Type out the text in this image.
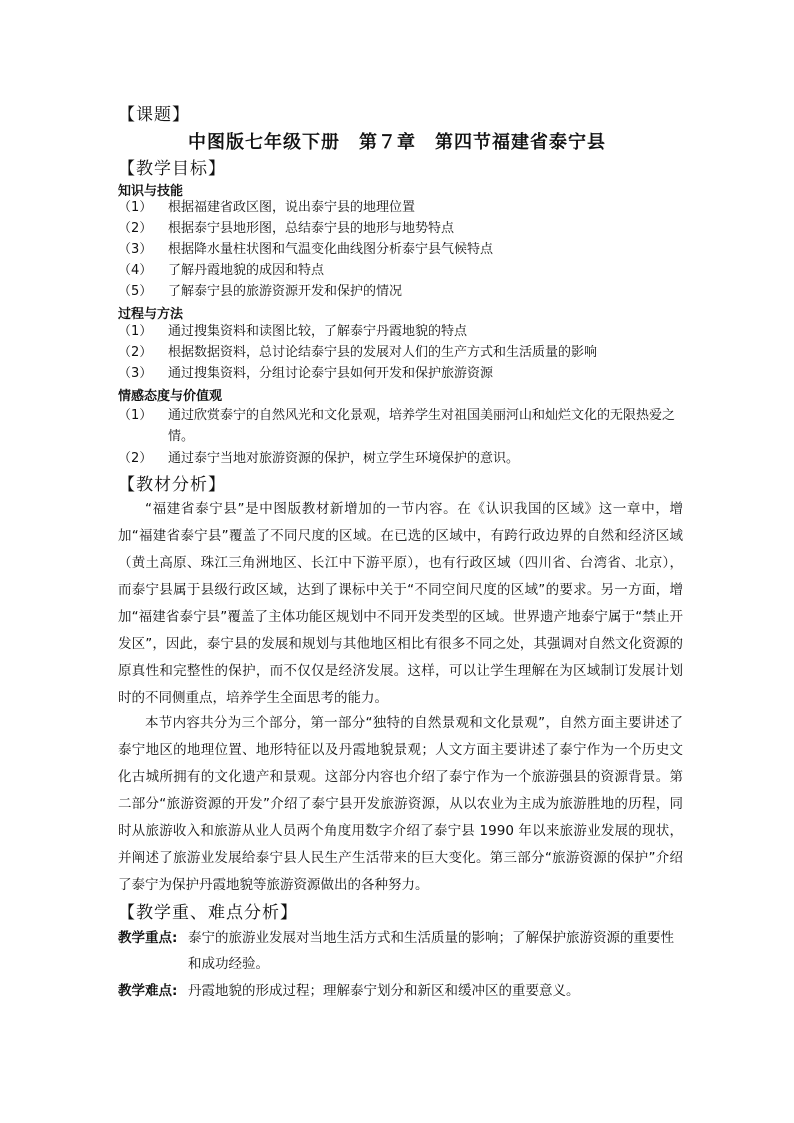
【课题】
中图版七年级下册　第７章　第四节福建省泰宁县
【教学目标】
知识与技能
（1）	根据福建省政区图，说出泰宁县的地理位置
（2）	根据泰宁县地形图，总结泰宁县的地形与地势特点
（3）	根据降水量柱状图和气温变化曲线图分析泰宁县气候特点
（4）	了解丹霞地貌的成因和特点
（5）	了解泰宁县的旅游资源开发和保护的情况
过程与方法
（1）	通过搜集资料和读图比较，了解泰宁丹霞地貌的特点
（2）	根据数据资料，总讨论结泰宁县的发展对人们的生产方式和生活质量的影响
（3）	通过搜集资料，分组讨论泰宁县如何开发和保护旅游资源
情感态度与价值观
（1）	通过欣赏泰宁的自然风光和文化景观，培养学生对祖国美丽河山和灿烂文化的无限热爱之情。
（2）	通过泰宁当地对旅游资源的保护，树立学生环境保护的意识。
【教材分析】

“福建省泰宁县”是中图版教材新增加的一节内容。在《认识我国的区域》这一章中，增加“福建省泰宁县”覆盖了不同尺度的区域。在已选的区域中，有跨行政边界的自然和经济区域（黄土高原、珠江三角洲地区、长江中下游平原），也有行政区域（四川省、台湾省、北京），而泰宁县属于县级行政区域，达到了课标中关于“不同空间尺度的区域”的要求。另一方面，增加“福建省泰宁县”覆盖了主体功能区规划中不同开发类型的区域。世界遗产地泰宁属于“禁止开发区”，因此，泰宁县的发展和规划与其他地区相比有很多不同之处，其强调对自然文化资源的原真性和完整性的保护，而不仅仅是经济发展。这样，可以让学生理解在为区域制订发展计划时的不同侧重点，培养学生全面思考的能力。

本节内容共分为三个部分，第一部分“独特的自然景观和文化景观”，自然方面主要讲述了泰宁地区的地理位置、地形特征以及丹霞地貌景观；人文方面主要讲述了泰宁作为一个历史文化古城所拥有的文化遗产和景观。这部分内容也介绍了泰宁作为一个旅游强县的资源背景。第二部分“旅游资源的开发”介绍了泰宁县开发旅游资源，从以农业为主成为旅游胜地的历程，同时从旅游收入和旅游从业人员两个角度用数字介绍了泰宁县 1990 年以来旅游业发展的现状，并阐述了旅游业发展给泰宁县人民生产生活带来的巨大变化。第三部分“旅游资源的保护”介绍了泰宁为保护丹霞地貌等旅游资源做出的各种努力。

【教学重、难点分析】
教学重点: 泰宁的旅游业发展对当地生活方式和生活质量的影响；了解保护旅游资源的重要性和成功经验。
教学难点: 丹霞地貌的形成过程；理解泰宁划分和新区和缓冲区的重要意义。
